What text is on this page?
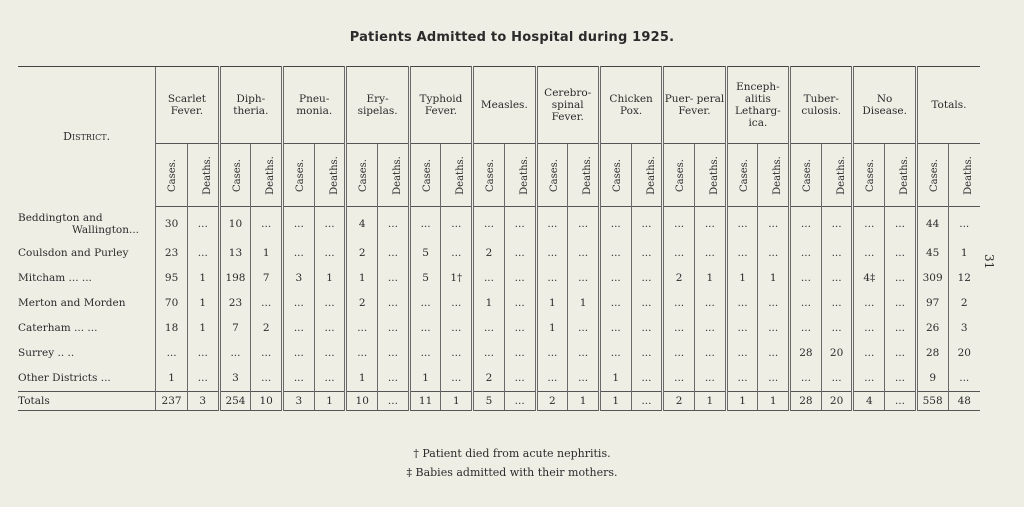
Patients Admitted to Hospital during 1925.
31
District.	Scarlet Fever.		Diph- theria.		Pneu- monia.		Ery- sipelas.		Typhoid Fever.		Measles.		Cerebro- spinal Fever.		Chicken Pox.		Puer- peral Fever.		Enceph- alitis Letharg- ica.		Tuber- culosis.		No Disease.		Totals.	
	Cases.	Deaths.	Cases.	Deaths.	Cases.	Deaths.	Cases.	Deaths.	Cases.	Deaths.	Cases.	Deaths.	Cases.	Deaths.	Cases.	Deaths.	Cases.	Deaths.	Cases.	Deaths.	Cases.	Deaths.	Cases.	Deaths.	Cases.	Deaths.

Beddington and
Wallington...	30	...	10	...	...	...	4	...	...	...	...	...	...	...	...	...	...	...	...	...	...	...	...	...	44	...
Coulsdon and Purley	23	...	13	1	...	...	2	...	5	...	2	...	...	...	...	...	...	...	...	...	...	...	...	...	45	1
Mitcham ... ...	95	1	198	7	3	1	1	...	5	1†	...	...	...	...	...	...	2	1	1	1	...	...	4‡	...	309	12
Merton and Morden	70	1	23	...	...	...	2	...	...	...	1	...	1	1	...	...	...	...	...	...	...	...	...	...	97	2
Caterham ... ...	18	1	7	2	...	...	...	...	...	...	...	...	1	...	...	...	...	...	...	...	...	...	...	...	26	3
Surrey .. ..	...	...	...	...	...	...	...	...	...	...	...	...	...	...	...	...	...	...	...	...	28	20	...	...	28	20
Other Districts ...	1	...	3	...	...	...	1	...	1	...	2	...	...	...	1	...	...	...	...	...	...	...	...	...	9	...
Totals	237	3	254	10	3	1	10	...	11	1	5	...	2	1	1	...	2	1	1	1	28	20	4	...	558	48
† Patient died from acute nephritis.
‡ Babies admitted with their mothers.
